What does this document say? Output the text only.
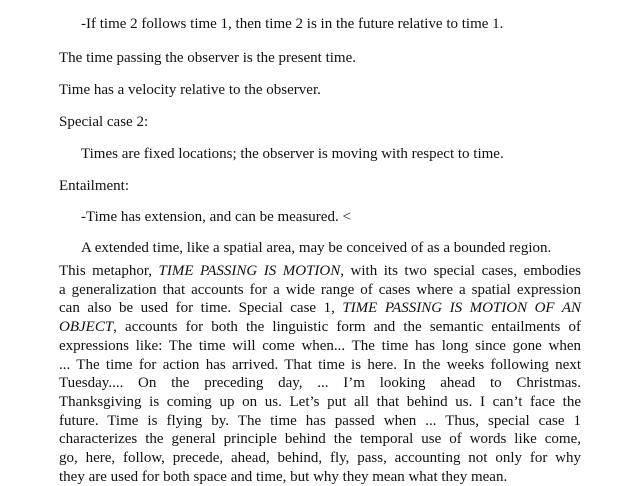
-If time 2 follows time 1, then time 2 is in the future relative to time 1.
The time passing the observer is the present time.
Time has a velocity relative to the observer.
Special case 2:
Times are fixed locations; the observer is moving with respect to time.
Entailment:
-Time has extension, and can be measured. <
A extended time, like a spatial area, may be conceived of as a bounded region.
This metaphor, TIME PASSING IS MOTION, with its two special cases, embodies
a generalization that accounts for a wide range of cases where a spatial expression
can also be used for time. Special case 1, TIME PASSING IS MOTION OF AN
OBJECT, accounts for both the linguistic form and the semantic entailments of
expressions like: The time will come when... The time has long since gone when
... The time for action has arrived. That time is here. In the weeks following next
Tuesday.... On the preceding day, ... I’m looking ahead to Christmas.
Thanksgiving is coming up on us. Let’s put all that behind us. I can’t face the
future. Time is flying by. The time has passed when ... Thus, special case 1
characterizes the general principle behind the temporal use of words like come,
go, here, follow, precede, ahead, behind, fly, pass, accounting not only for why
they are used for both space and time, but why they mean what they mean.
